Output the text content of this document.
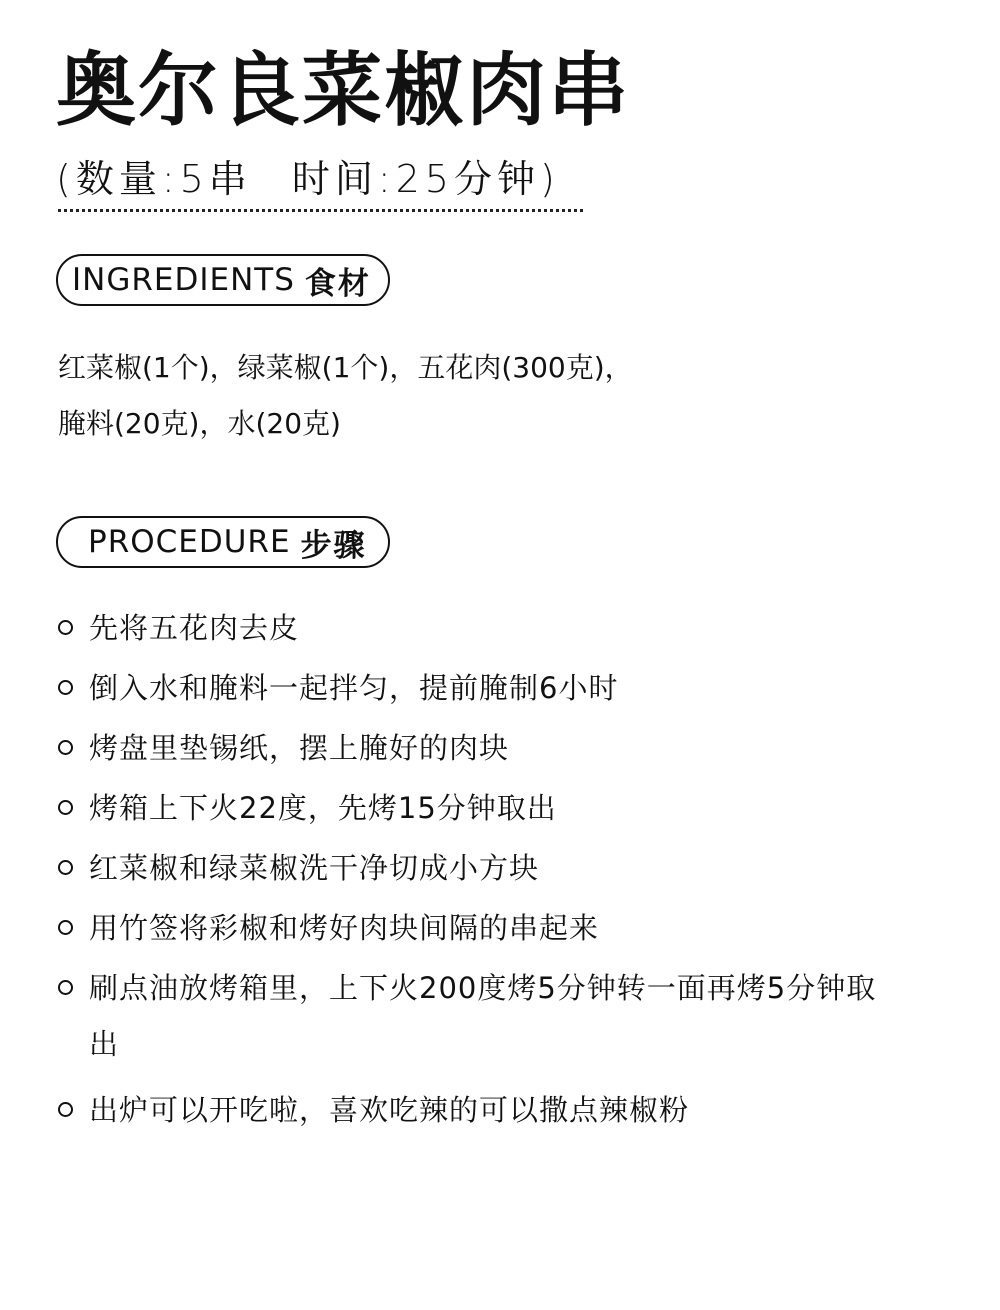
奥尔良菜椒肉串
(数量:5串 时间:25分钟)
INGREDIENTS 食材
红菜椒(1个)，绿菜椒(1个)，五花肉(300克)，
腌料(20克)，水(20克)
PROCEDURE 步骤
先将五花肉去皮
倒入水和腌料一起拌匀，提前腌制6小时
烤盘里垫锡纸，摆上腌好的肉块
烤箱上下火22度，先烤15分钟取出
红菜椒和绿菜椒洗干净切成小方块
用竹签将彩椒和烤好肉块间隔的串起来
刷点油放烤箱里，上下火200度烤5分钟转一面再烤5分钟取出
出炉可以开吃啦，喜欢吃辣的可以撒点辣椒粉
